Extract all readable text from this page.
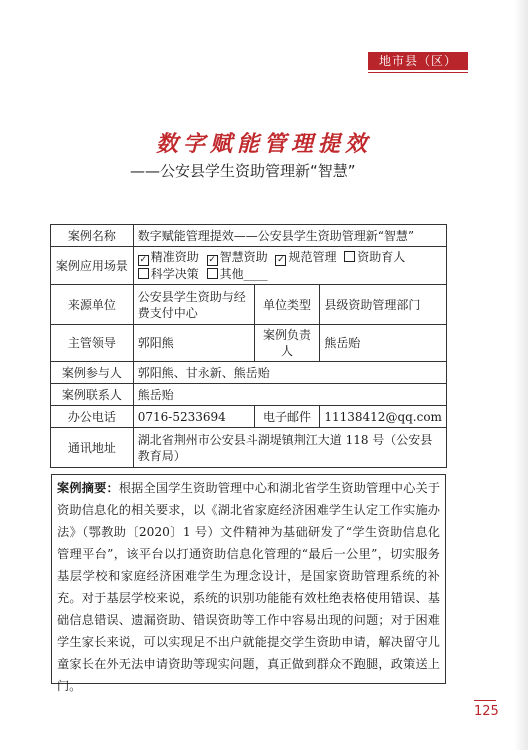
地市县（区）
数字赋能管理提效
——公安县学生资助管理新“智慧”
案例名称	数字赋能管理提效——公安县学生资助管理新“智慧”		
案例应用场景	✓ 精准资助 ✓ 智慧资助 ✓ 规范管理 资助育人
科学决策 其他____		
来源单位	公安县学生资助与经费支付中心	单位类型	县级资助管理部门
主管领导	郭阳熊	案例负责人	熊岳贻
案例参与人	郭阳熊、甘永新、熊岳贻		
案例联系人	熊岳贻		
办公电话	0716-5233694	电子邮件	11138412@qq.com
通讯地址	湖北省荆州市公安县斗湖堤镇荆江大道 118 号（公安县教育局）		
案例摘要：根据全国学生资助管理中心和湖北省学生资助管理中心关于资助信息化的相关要求，以《湖北省家庭经济困难学生认定工作实施办法》（鄂教助〔2020〕1 号）文件精神为基础研发了“学生资助信息化管理平台”，该平台以打通资助信息化管理的“最后一公里”，切实服务基层学校和家庭经济困难学生为理念设计，是国家资助管理系统的补充。对于基层学校来说，系统的识别功能能有效杜绝表格使用错误、基础信息错误、遗漏资助、错误资助等工作中容易出现的问题；对于困难学生家长来说，可以实现足不出户就能提交学生资助申请，解决留守儿童家长在外无法申请资助等现实问题，真正做到群众不跑腿，政策送上门。
125
